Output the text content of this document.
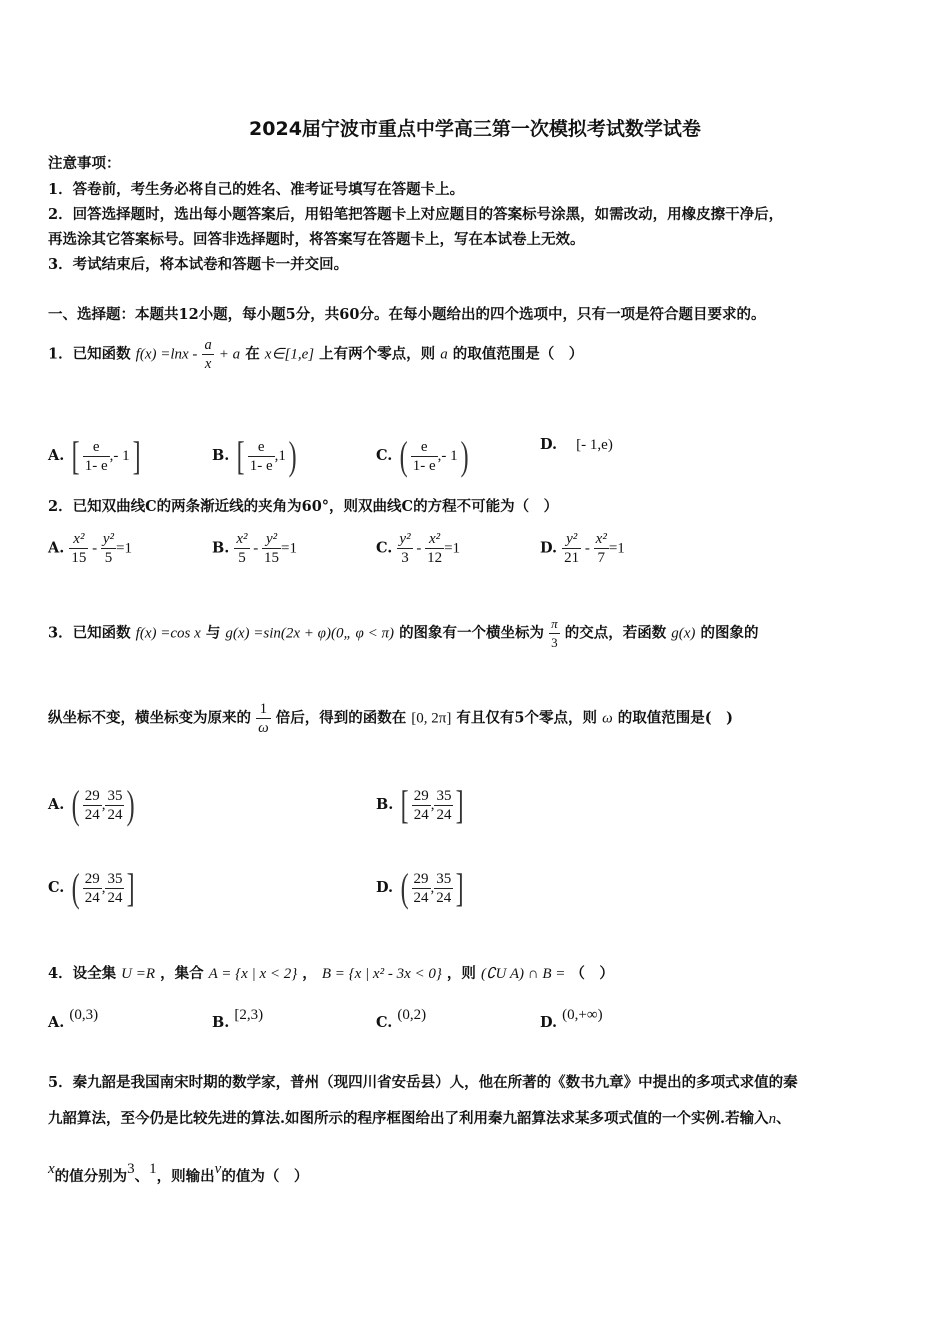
2024届宁波市重点中学高三第一次模拟考试数学试卷
注意事项：
1．答卷前，考生务必将自己的姓名、准考证号填写在答题卡上。
2．回答选择题时，选出每小题答案后，用铅笔把答题卡上对应题目的答案标号涂黑，如需改动，用橡皮擦干净后，
再选涂其它答案标号。回答非选择题时，将答案写在答题卡上，写在本试卷上无效。
3．考试结束后，将本试卷和答题卡一并交回。
一、选择题：本题共12小题，每小题5分，共60分。在每小题给出的四个选项中，只有一项是符合题目要求的。
1．已知函数 $f(x) =\ln x - \frac{a}{x} + a$ 在 x∈[1,e] 上有两个零点，则 a 的取值范围是（　）
A. [ $\frac{e}{1- e}$ ,- 1]	B. [ $\frac{e}{1- e} ,1$)	C. ( $\frac{e}{1- e}$ ,- 1)	D. [- 1,e)
2．已知双曲线C的两条渐近线的夹角为60°，则双曲线C的方程不可能为（　）
A. $\frac{\text{x²}}{15} - \frac{\text{y²}}{5} =1$	B. $\frac{\text{x²}}{5} - \frac{\text{y²}}{15} =1$	C. $\frac{\text{y²}}{3} - \frac{\text{x²}}{12} =1$	D. $\frac{\text{y²}}{21} - \frac{\text{x²}}{7} =1$
3．已知函数 f(x) =cos x 与 g(x) =sin(2x + φ)(0„ φ < π) 的图象有一个横坐标为 $\frac{\pi}{3}$ 的交点，若函数 g(x) 的图象的
纵坐标不变，横坐标变为原来的 $\frac{1}{\omega}$ 倍后，得到的函数在 [0, 2π] 有且仅有5个零点，则 ω 的取值范围是(　)
A. ( $\frac{29}{24}$ , $\frac{35}{24}$ )	B. [ $\frac{29}{24}$ , $\frac{35}{24}$ ]
C. ( $\frac{29}{24}$ , $\frac{35}{24}$ ]	D. ( $\frac{29}{24}$ , $\frac{35}{24}$ ]
4．设全集 U =R ，集合 A = {x | x < 2} ， B = {x | x² - 3x < 0} ，则 (∁U A) ∩ B = （　）
A. (0,3)	B. [2,3)	C. (0,2)	D. (0,+∞)
5．秦九韶是我国南宋时期的数学家，普州（现四川省安岳县）人，他在所著的《数书九章》中提出的多项式求值的秦
九韶算法，至今仍是比较先进的算法.如图所示的程序框图给出了利用秦九韶算法求某多项式值的一个实例.若输入n、
x的值分别为3、1，则输出v的值为（　）
